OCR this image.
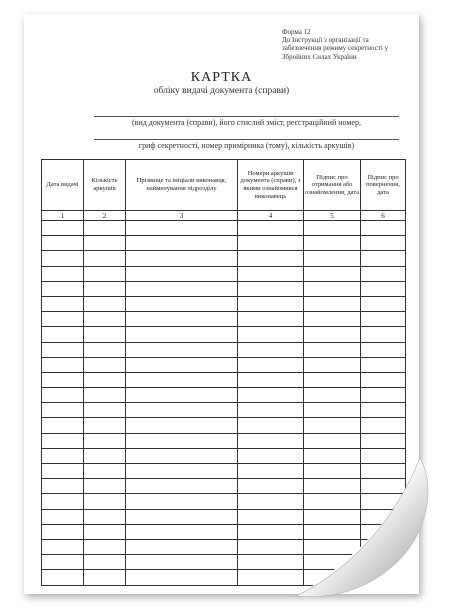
Форма 12
До Інструкції з організації та
забезпечення режиму секретності у
Збройних Силах України
КАРТКА
обліку видачі документа (справи)
(вид документа (справи), його стислий зміст, реєстраційний номер,
гриф секретності, номер примірника (тому), кількість аркушів)
Дата видачі	Кількість аркушів	Прізвище та ініціали виконавця, найменування підрозділу	Номери аркушів документа (справи), з якими ознайомився виконавець	Підпис про отримання або ознайомлення, дата	Підпис про повернення, дата
1	2	3	4	5	6
